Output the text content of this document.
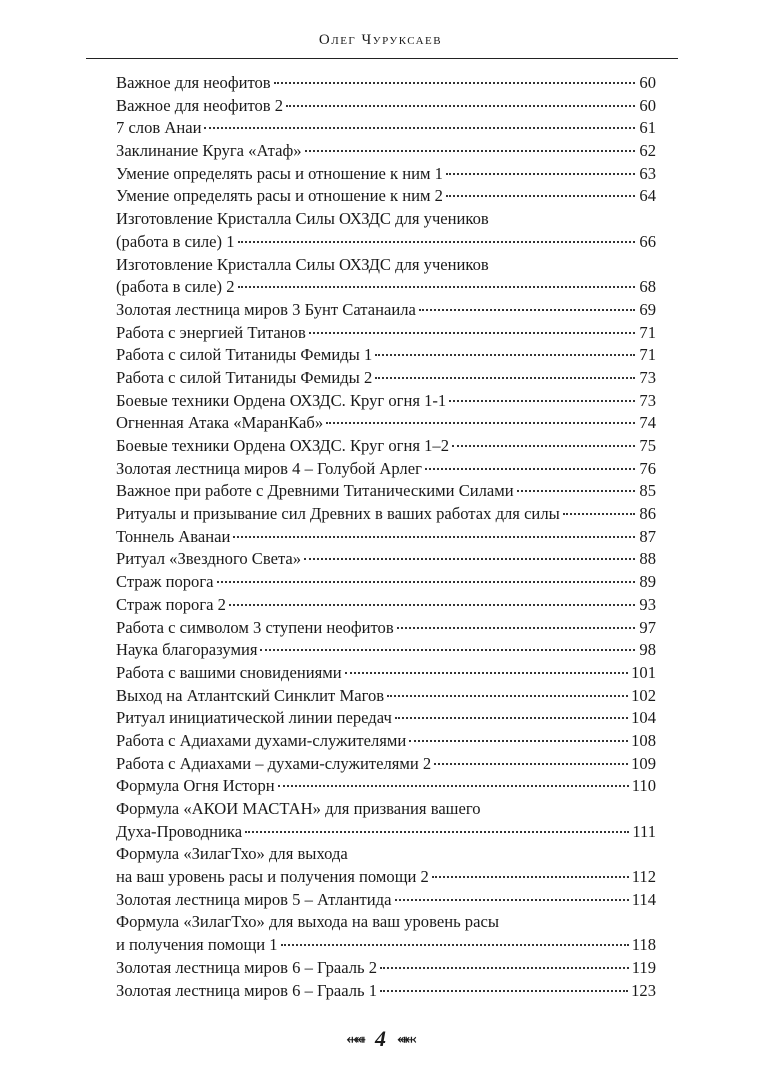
Олег Чуруксаев
Важное для неофитов	60
Важное для неофитов 2	60
7 слов Анаи	61
Заклинание Круга «Атаф»	62
Умение определять расы и отношение к ним 1	63
Умение определять расы и отношение к ним 2	64
Изготовление Кристалла Силы ОХЗДС для учеников
(работа в силе) 1	66
Изготовление Кристалла Силы ОХЗДС для учеников
(работа в силе) 2	68
Золотая лестница миров 3 Бунт Сатанаила	69
Работа с энергией Титанов	71
Работа с силой Титаниды Фемиды 1	71
Работа с силой Титаниды Фемиды 2	73
Боевые техники Ордена ОХЗДС. Круг огня 1-1	73
Огненная Атака «МаранКаб»	74
Боевые техники Ордена ОХЗДС. Круг огня 1–2	75
Золотая лестница миров 4 – Голубой Арлег	76
Важное при работе с Древними Титаническими Силами	85
Ритуалы и призывание сил Древних в ваших работах для силы	86
Тоннель Аванаи	87
Ритуал «Звездного Света»	88
Страж порога	89
Страж порога 2	93
Работа с символом 3 ступени неофитов	97
Наука благоразумия	98
Работа с вашими сновидениями	101
Выход на Атлантский Синклит Магов	102
Ритуал инициатической линии передач	104
Работа с Адиахами духами-служителями	108
Работа с Адиахами – духами-служителями 2	109
Формула Огня Исторн	110
Формула «АКОИ МАСТАН» для призвания вашего
Духа-Проводника	111
Формула «ЗилагТхо» для выхода
на ваш уровень расы и получения помощи 2	112
Золотая лестница миров 5 – Атлантида	114
Формула «ЗилагТхо» для выхода на ваш уровень расы
и получения помощи 1	118
Золотая лестница миров 6 – Грааль 2	119
Золотая лестница миров 6 – Грааль 1	123
⬹⬵ 4 ⬵⬹
